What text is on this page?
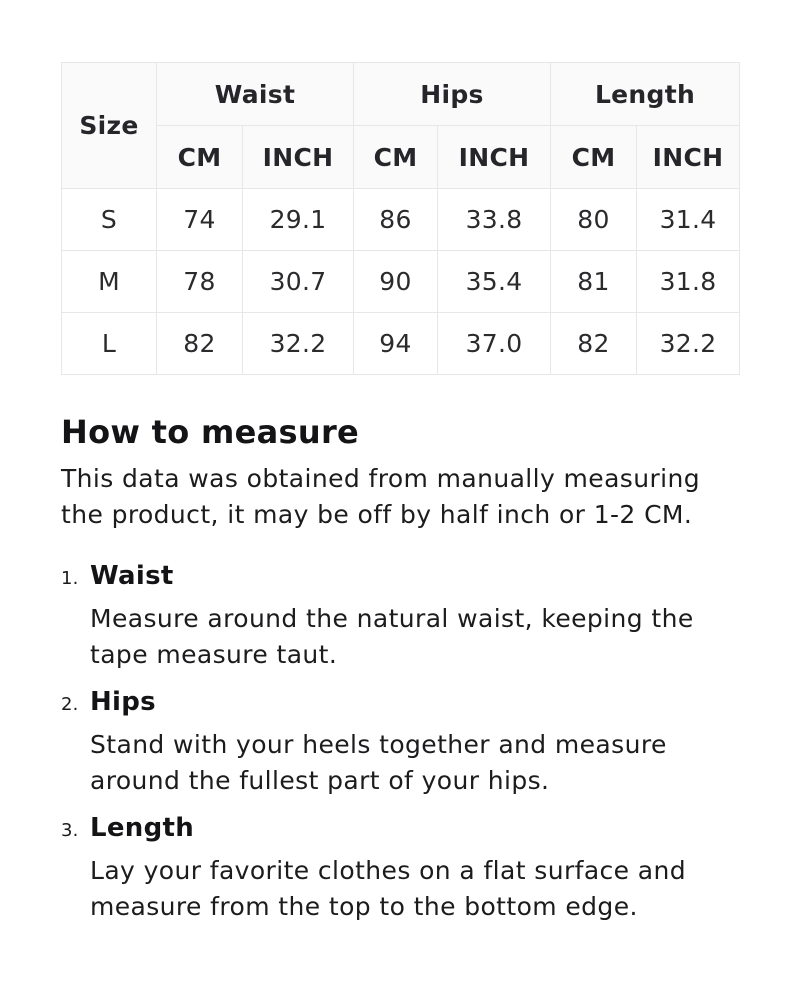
Size	Waist		Hips		Length	
	CM	INCH	CM	INCH	CM	INCH
S	74	29.1	86	33.8	80	31.4
M	78	30.7	90	35.4	81	31.8
L	82	32.2	94	37.0	82	32.2
How to measure

This data was obtained from manually measuring the product, it may be off by half inch or 1-2 CM.

1. Waist

Measure around the natural waist, keeping the tape measure taut.

2. Hips

Stand with your heels together and measure around the fullest part of your hips.

3. Length

Lay your favorite clothes on a flat surface and measure from the top to the bottom edge.
